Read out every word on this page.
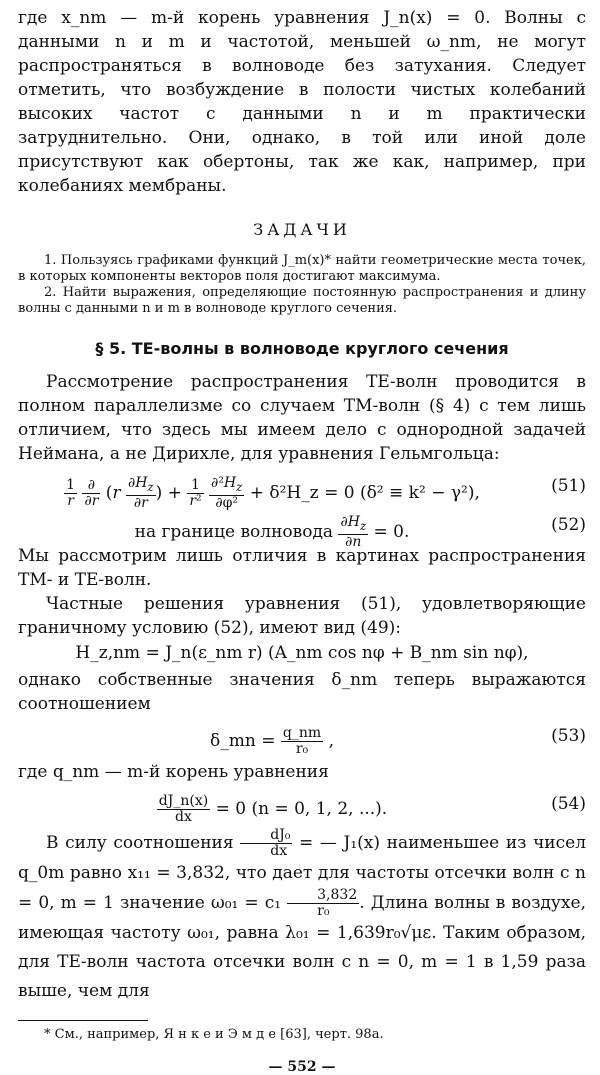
где x_nm — m-й корень уравнения J_n(x) = 0. Волны с данными n и m и частотой, меньшей ω_nm, не могут распространяться в волноводе без затухания. Следует отметить, что возбуждение в полости чистых колебаний высоких частот с данными n и m практически затруднительно. Они, однако, в той или иной доле присутствуют как обертоны, так же как, например, при колебаниях мембраны.

ЗАДАЧИ

1. Пользуясь графиками функций J_m(x)* найти геометрические места точек, в которых компоненты векторов поля достигают максимума.

2. Найти выражения, определяющие постоянную распространения и длину волны с данными n и m в волноводе круглого сечения.

§ 5. ТЕ-волны в волноводе круглого сечения

Рассмотрение распространения ТЕ-волн проводится в полном параллелизме со случаем ТМ-волн (§ 4) с тем лишь отличием, что здесь мы имеем дело с однородной задачей Неймана, а не Дирихле, для уравнения Гельмгольца:

$\frac{1}{r}$
$\frac{\partial}{\partial r} (r \frac{\partial H_z}{\partial r}$ ) + $\frac{1}{\text{r²}}$
$\frac{\partial^2H_z}{\text{∂φ²}}$ + δ²H_z = 0 (δ² ≡ k² − γ²),	(51)
на границе волновода $\frac{\partial H_z}{\partial n} = 0$.	(52)

Мы рассмотрим лишь отличия в картинах распространения ТМ- и ТЕ-волн.

Частные решения уравнения (51), удовлетворяющие граничному условию (52), имеют вид (49):

H_z,nm = J_n(ε_nm r) (A_nm cos nφ + B_nm sin nφ),

однако собственные значения δ_nm теперь выражаются соотношением

δ_mn = $\frac{q\_nm}{\text{r₀}}$ ,	(53)

где q_nm — m-й корень уравнения

$\frac{dJ\_n(x)}{dx} = 0$ (n = 0, 1, 2, ...).	(54)

В силу соотношения $\frac{\text{dJ₀}}{dx}$ = — J₁(x) наименьшее из чисел q_0m равно x₁₁ = 3,832, что дает для частоты отсечки волн с n = 0, m = 1 значение $\omega_{01} = c_1 \frac{3,832}{\text{r₀}}$ . Длина волны в воздухе, имеющая частоту ω₀₁, равна λ₀₁ = 1,639r₀√με. Таким образом, для ТЕ-волн частота отсечки волн с n = 0, m = 1 в 1,59 раза выше, чем для

* См., например, Я н к е и Э м д е [63], черт. 98а.

— 552 —
